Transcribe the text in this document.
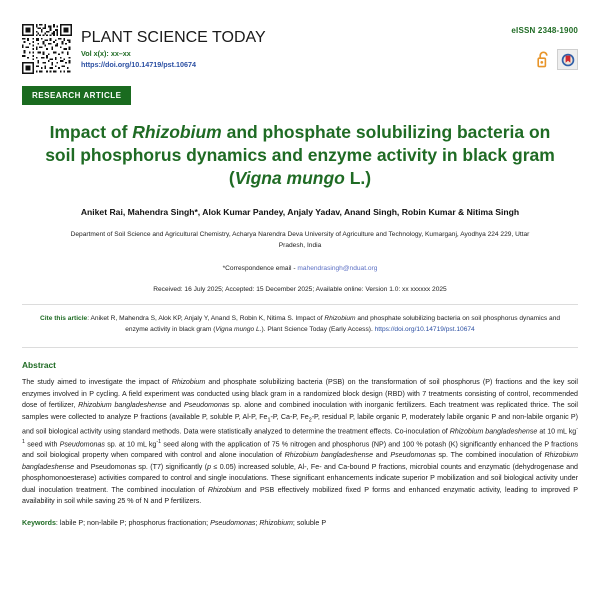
PLANT SCIENCE TODAY
Vol x(x): xx–xx
https://doi.org/10.14719/pst.10674
eISSN 2348-1900
RESEARCH ARTICLE
Impact of Rhizobium and phosphate solubilizing bacteria on soil phosphorus dynamics and enzyme activity in black gram (Vigna mungo L.)
Aniket Rai, Mahendra Singh*, Alok Kumar Pandey, Anjaly Yadav, Anand Singh, Robin Kumar & Nitima Singh
Department of Soil Science and Agricultural Chemistry, Acharya Narendra Deva University of Agriculture and Technology, Kumarganj, Ayodhya 224 229, Uttar Pradesh, India
*Correspondence email - mahendrasingh@nduat.org
Received: 16 July 2025; Accepted: 15 December 2025; Available online: Version 1.0: xx xxxxxx 2025
Cite this article: Aniket R, Mahendra S, Alok KP, Anjaly Y, Anand S, Robin K, Nitima S. Impact of Rhizobium and phosphate solubilizing bacteria on soil phosphorus dynamics and enzyme activity in black gram (Vigna mungo L.). Plant Science Today (Early Access). https://doi.org/10.14719/pst.10674
Abstract
The study aimed to investigate the impact of Rhizobium and phosphate solubilizing bacteria (PSB) on the transformation of soil phosphorus (P) fractions and the key soil enzymes involved in P cycling. A field experiment was conducted using black gram in a randomized block design (RBD) with 7 treatments consisting of control, recommended dose of fertilizer, Rhizobium bangladeshense and Pseudomonas sp. alone and combined inoculation with inorganic fertilizers. Each treatment was replicated thrice. The soil samples were collected to analyze P fractions (available P, soluble P, Al-P, $Fe_1-P$, Ca-P, $Fe_2-P$, residual P, labile organic P, moderately labile organic P and non-labile organic P) and soil biological activity using standard methods. Data were statistically analyzed to determine the treatment effects. Co-inoculation of Rhizobium bangladeshense at 10 mL $kg^{-1}$ seed with Pseudomonas sp. at 10 mL $kg^{-1}$ seed along with the application of 75 % nitrogen and phosphorus (NP) and 100 % potash (K) significantly enhanced the P fractions and soil biological property when compared with control and alone inoculation of Rhizobium bangladeshense and Pseudomonas sp. The combined inoculation of Rhizobium bangladeshense and Pseudomonas sp. (T7) significantly (p ≤ 0.05) increased soluble, Al-, Fe- and Ca-bound P fractions, microbial counts and enzymatic (dehydrogenase and phosphomonoesterase) activities compared to control and single inoculations. These significant enhancements indicate superior P mobilization and soil biological activity under dual inoculation treatment. The combined inoculation of Rhizobium and PSB effectively mobilized fixed P forms and enhanced enzymatic activity, leading to improved P availability in soil while saving 25 % of N and P fertilizers.
Keywords: labile P; non-labile P; phosphorus fractionation; Pseudomonas; Rhizobium; soluble P
